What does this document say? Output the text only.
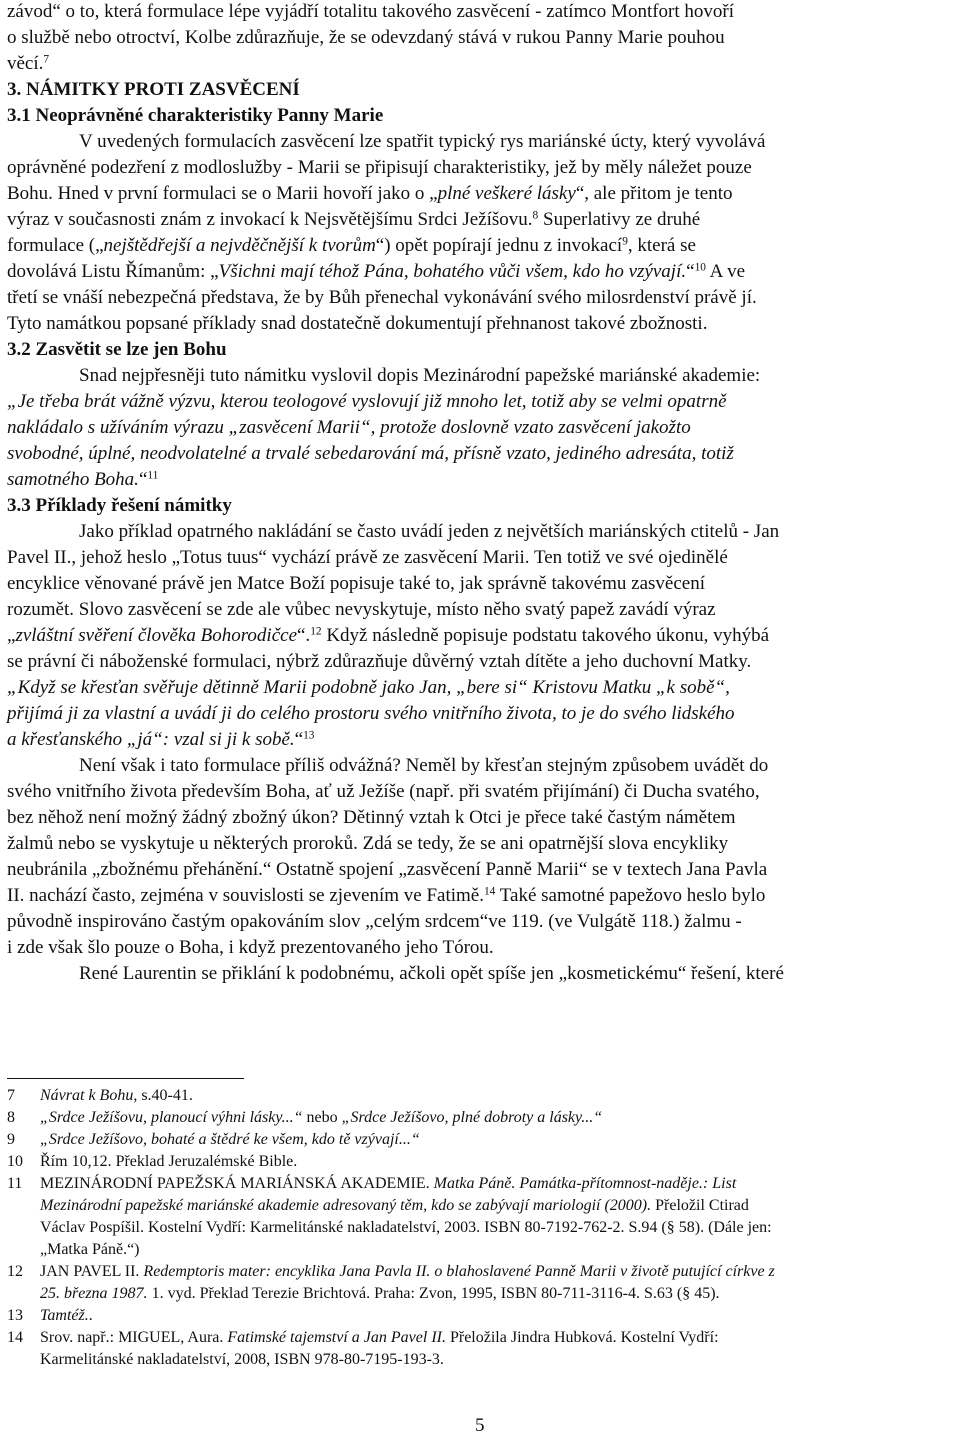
závod“ o to, která formulace lépe vyjádří totalitu takového zasvěcení - zatímco Montfort hovoří
o službě nebo otroctví, Kolbe zdůrazňuje, že se odevzdaný stává v rukou Panny Marie pouhou
věcí.$^7$
3. NÁMITKY PROTI ZASVĚCENÍ
3.1 Neoprávněné charakteristiky Panny Marie
V uvedených formulacích zasvěcení lze spatřit typický rys mariánské úcty, který vyvolává
oprávněné podezření z modloslužby - Marii se připisují charakteristiky, jež by měly náležet pouze
Bohu. Hned v první formulaci se o Marii hovoří jako o „plné veškeré lásky“, ale přitom je tento
výraz v současnosti znám z invokací k Nejsvětějšímu Srdci Ježíšovu.$^8$ Superlativy ze druhé
formulace („nejštědřejší a nejvděčnější k tvorům“) opět popírají jednu z invokací$^9$, která se
dovolává Listu Římanům: „Všichni mají téhož Pána, bohatého vůči všem, kdo ho vzývají.“$^{10}$ A ve
třetí se vnáší nebezpečná představa, že by Bůh přenechal vykonávání svého milosrdenství právě jí.
Tyto namátkou popsané příklady snad dostatečně dokumentují přehnanost takové zbožnosti.
3.2 Zasvětit se lze jen Bohu
Snad nejpřesněji tuto námitku vyslovil dopis Mezinárodní papežské mariánské akademie:
„Je třeba brát vážně výzvu, kterou teologové vyslovují již mnoho let, totiž aby se velmi opatrně
nakládalo s užíváním výrazu „zasvěcení Marii“, protože doslovně vzato zasvěcení jakožto
svobodné, úplné, neodvolatelné a trvalé sebedarování má, přísně vzato, jediného adresáta, totiž
samotného Boha.“$^{11}$
3.3 Příklady řešení námitky
Jako příklad opatrného nakládání se často uvádí jeden z největších mariánských ctitelů - Jan
Pavel II., jehož heslo „Totus tuus“ vychází právě ze zasvěcení Marii. Ten totiž ve své ojedinělé
encyklice věnované právě jen Matce Boží popisuje také to, jak správně takovému zasvěcení
rozumět. Slovo zasvěcení se zde ale vůbec nevyskytuje, místo něho svatý papež zavádí výraz
„zvláštní svěření člověka Bohorodičce“.$^{12}$ Když následně popisuje podstatu takového úkonu, vyhýbá
se právní či náboženské formulaci, nýbrž zdůrazňuje důvěrný vztah dítěte a jeho duchovní Matky.
„Když se křesťan svěřuje dětinně Marii podobně jako Jan, „bere si“ Kristovu Matku „k sobě“,
přijímá ji za vlastní a uvádí ji do celého prostoru svého vnitřního života, to je do svého lidského
a křesťanského „já“: vzal si ji k sobě.“$^{13}$
Není však i tato formulace příliš odvážná? Neměl by křesťan stejným způsobem uvádět do
svého vnitřního života především Boha, ať už Ježíše (např. při svatém přijímání) či Ducha svatého,
bez něhož není možný žádný zbožný úkon? Dětinný vztah k Otci je přece také častým námětem
žalmů nebo se vyskytuje u některých proroků. Zdá se tedy, že se ani opatrnější slova encykliky
neubránila „zbožnému přehánění.“ Ostatně spojení „zasvěcení Panně Marii“ se v textech Jana Pavla
II. nachází často, zejména v souvislosti se zjevením ve Fatimě.$^{14}$ Také samotné papežovo heslo bylo
původně inspirováno častým opakováním slov „celým srdcem“ve 119. (ve Vulgátě 118.) žalmu -
i zde však šlo pouze o Boha, i když prezentovaného jeho Tórou.
René Laurentin se přiklání k podobnému, ačkoli opět spíše jen „kosmetickému“ řešení, které
7 Návrat k Bohu, s.40-41.
8 „Srdce Ježíšovu, planoucí výhni lásky...“ nebo „Srdce Ježíšovo, plné dobroty a lásky...“
9 „Srdce Ježíšovo, bohaté a štědré ke všem, kdo tě vzývají...“
10 Řím 10,12. Překlad Jeruzalémské Bible.
11 MEZINÁRODNÍ PAPEŽSKÁ MARIÁNSKÁ AKADEMIE. Matka Páně. Památka-přítomnost-naděje.: List
Mezinárodní papežské mariánské akademie adresovaný těm, kdo se zabývají mariologií (2000). Přeložil Ctirad
Václav Pospíšil. Kostelní Vydří: Karmelitánské nakladatelství, 2003. ISBN 80-7192-762-2. S.94 (§ 58). (Dále jen:
„Matka Páně.“)
12 JAN PAVEL II. Redemptoris mater: encyklika Jana Pavla II. o blahoslavené Panně Marii v životě putující církve z
25. března 1987. 1. vyd. Překlad Terezie Brichtová. Praha: Zvon, 1995, ISBN 80-711-3116-4. S.63 (§ 45).
13 Tamtéž..
14 Srov. např.: MIGUEL, Aura. Fatimské tajemství a Jan Pavel II. Přeložila Jindra Hubková. Kostelní Vydří:
Karmelitánské nakladatelství, 2008, ISBN 978-80-7195-193-3.
5
